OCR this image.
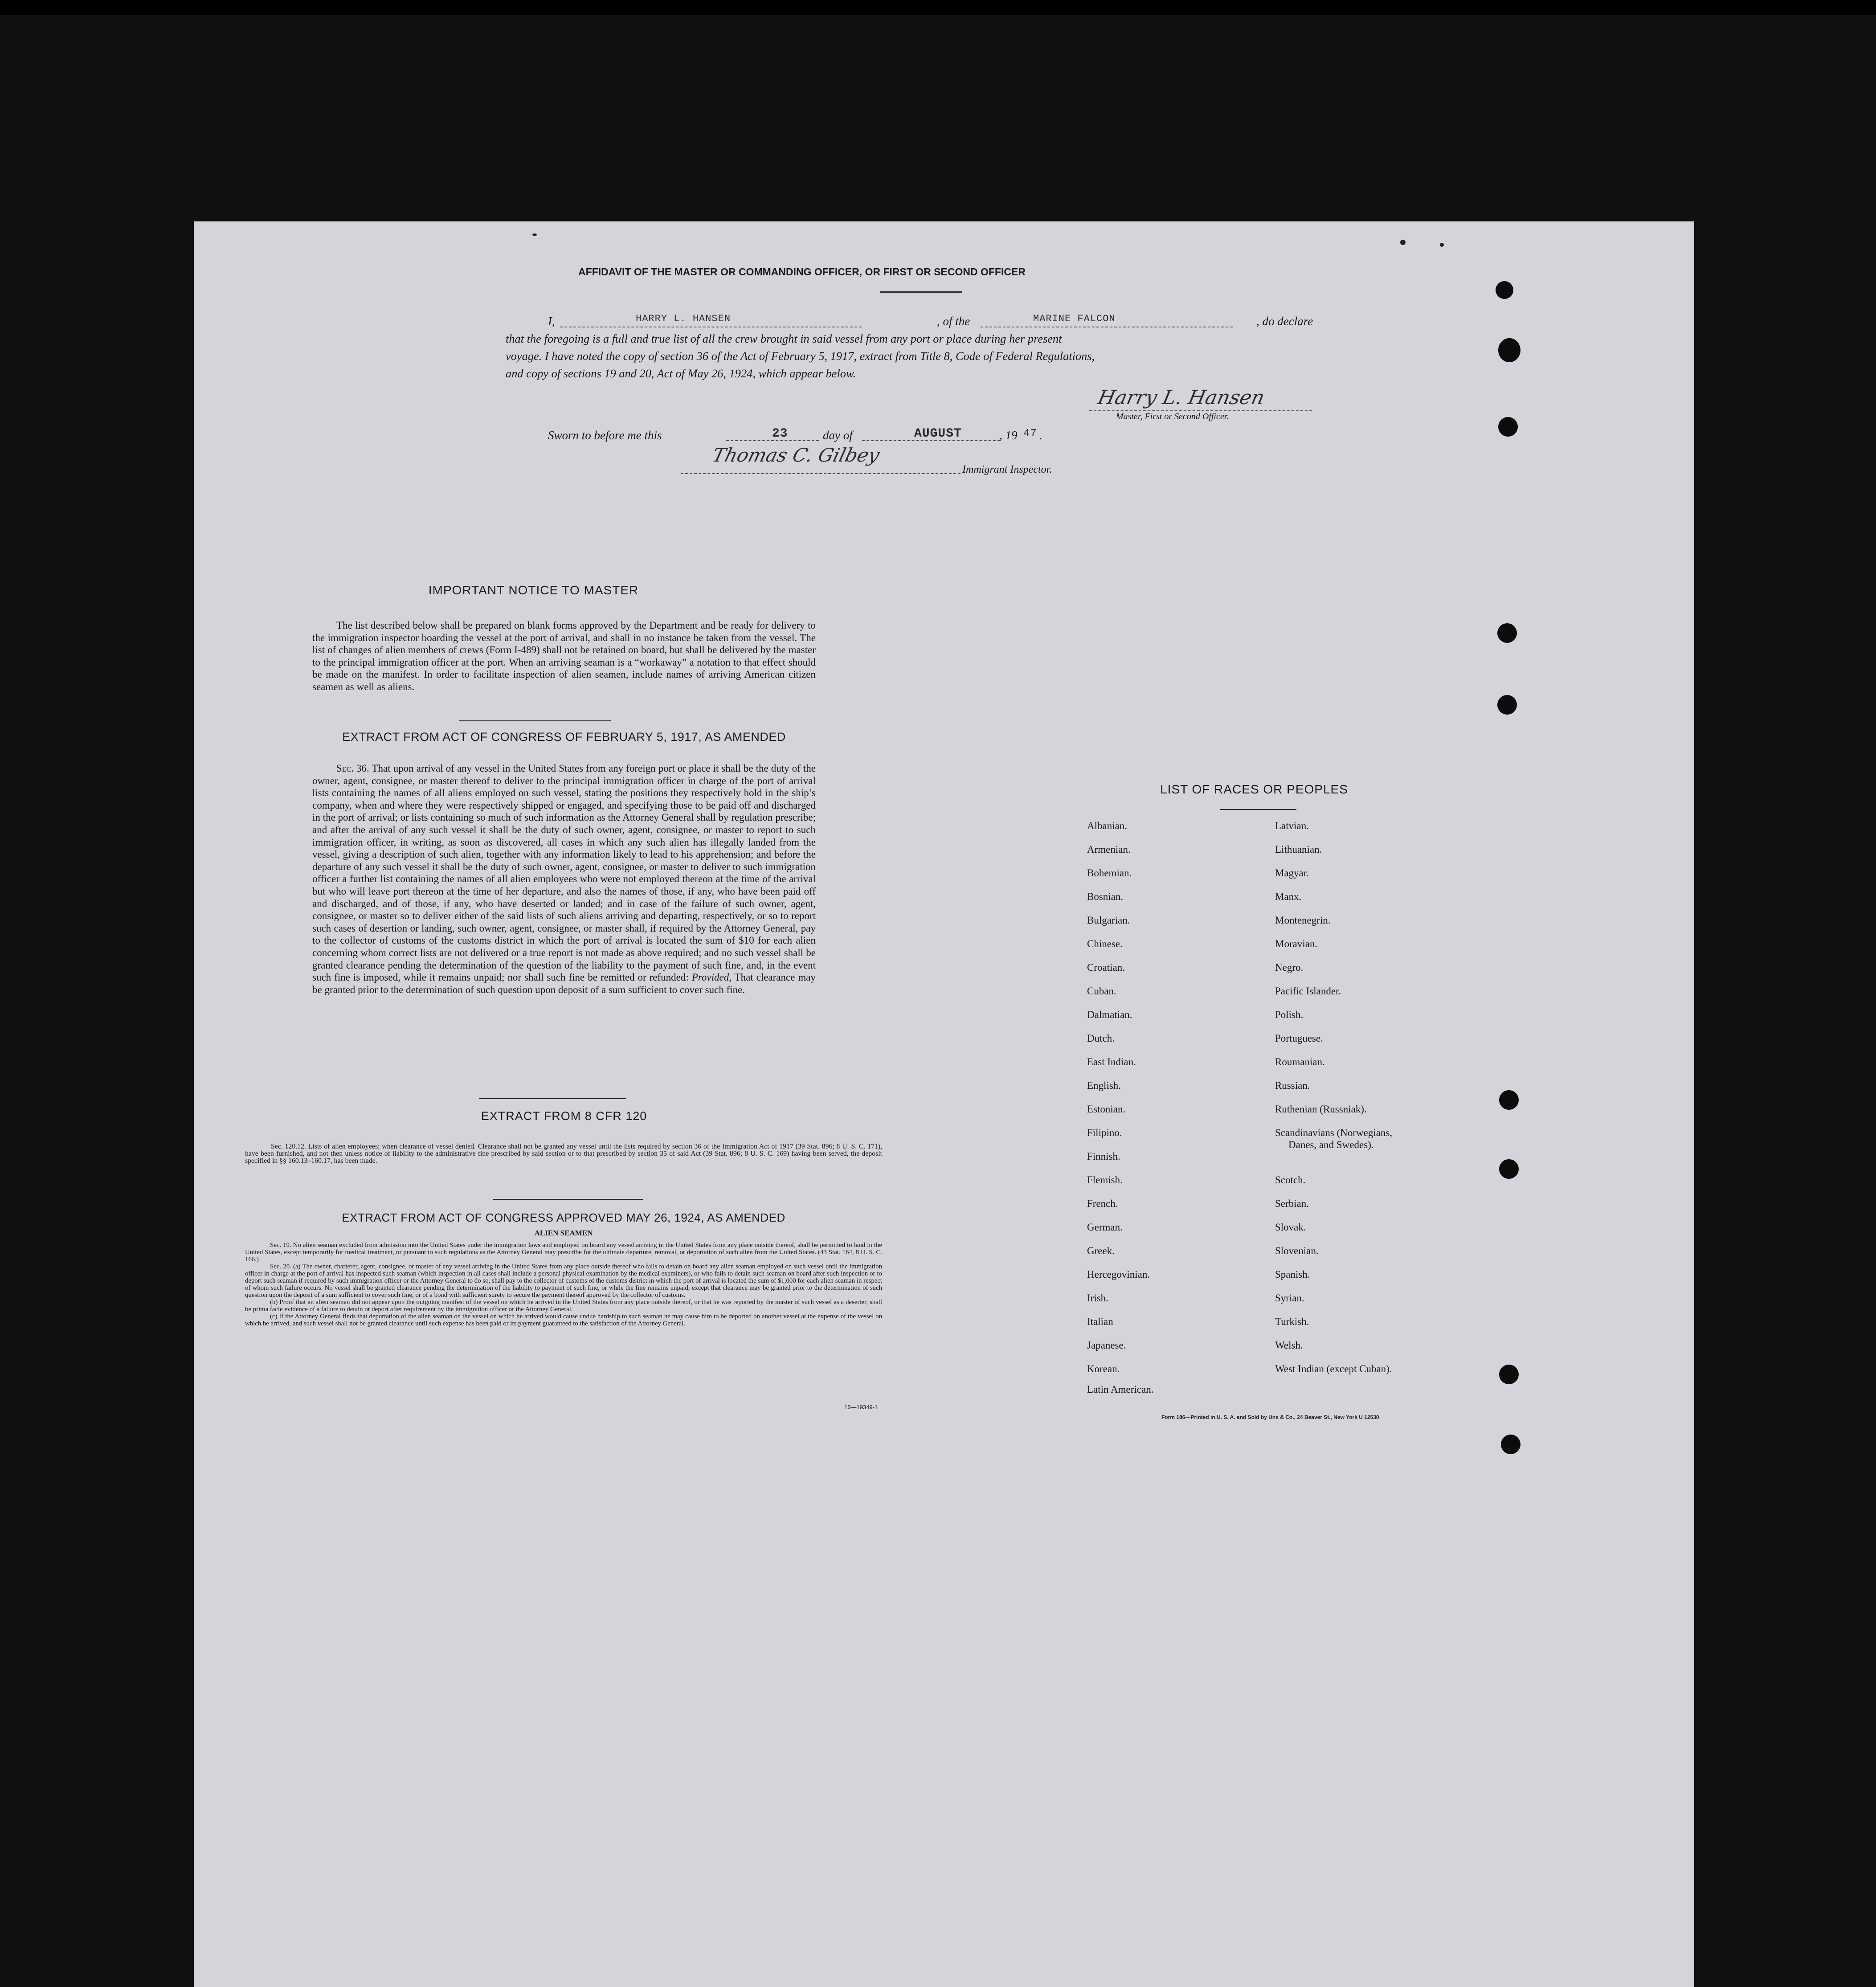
AFFIDAVIT OF THE MASTER OR COMMANDING OFFICER, OR FIRST OR SECOND OFFICER
I,	HARRY L. HANSEN	, of the	MARINE FALCON	, do declare
that the foregoing is a full and true list of all the crew brought in said vessel from any port or place during her present
voyage. I have noted the copy of section 36 of the Act of February 5, 1917, extract from Title 8, Code of Federal Regulations,
and copy of sections 19 and 20, Act of May 26, 1924, which appear below.
Harry L. Hansen
Master, First or Second Officer.
Sworn to before me this	23	day of	AUGUST	, 19 47 .
Thomas C. Gilbey
Immigrant Inspector.
IMPORTANT NOTICE TO MASTER
The list described below shall be prepared on blank forms approved by the Department and be ready for delivery to the immigration inspector boarding the vessel at the port of arrival, and shall in no instance be taken from the vessel. The list of changes of alien members of crews (Form I-489) shall not be retained on board, but shall be delivered by the master to the principal immigration officer at the port. When an arriving seaman is a “workaway” a notation to that effect should be made on the manifest. In order to facilitate inspection of alien seamen, include names of arriving American citizen seamen as well as aliens.
EXTRACT FROM ACT OF CONGRESS OF FEBRUARY 5, 1917, AS AMENDED
Sec. 36. That upon arrival of any vessel in the United States from any foreign port or place it shall be the duty of the owner, agent, consignee, or master thereof to deliver to the principal immigration officer in charge of the port of arrival lists containing the names of all aliens employed on such vessel, stating the positions they respectively hold in the ship’s company, when and where they were respectively shipped or engaged, and specifying those to be paid off and discharged in the port of arrival; or lists containing so much of such information as the Attorney General shall by regulation prescribe; and after the arrival of any such vessel it shall be the duty of such owner, agent, consignee, or master to report to such immigration officer, in writing, as soon as discovered, all cases in which any such alien has illegally landed from the vessel, giving a description of such alien, together with any information likely to lead to his apprehension; and before the departure of any such vessel it shall be the duty of such owner, agent, consignee, or master to deliver to such immigration officer a further list containing the names of all alien employees who were not employed thereon at the time of the arrival but who will leave port thereon at the time of her departure, and also the names of those, if any, who have been paid off and discharged, and of those, if any, who have deserted or landed; and in case of the failure of such owner, agent, consignee, or master so to deliver either of the said lists of such aliens arriving and departing, respectively, or so to report such cases of desertion or landing, such owner, agent, consignee, or master shall, if required by the Attorney General, pay to the collector of customs of the customs district in which the port of arrival is located the sum of $10 for each alien concerning whom correct lists are not delivered or a true report is not made as above required; and no such vessel shall be granted clearance pending the determination of the question of the liability to the payment of such fine, and, in the event such fine is imposed, while it remains unpaid; nor shall such fine be remitted or refunded: Provided, That clearance may be granted prior to the determination of such question upon deposit of a sum sufficient to cover such fine.
EXTRACT FROM 8 CFR 120
Sec. 120.12. Lists of alien employees; when clearance of vessel denied. Clearance shall not be granted any vessel until the lists required by section 36 of the Immigration Act of 1917 (39 Stat. 896; 8 U. S. C. 171), have been furnished, and not then unless notice of liability to the administrative fine prescribed by said section or to that prescribed by section 35 of said Act (39 Stat. 896; 8 U. S. C. 169) having been served, the deposit specified in §§ 160.13–160.17, has been made.
EXTRACT FROM ACT OF CONGRESS APPROVED MAY 26, 1924, AS AMENDED
ALIEN SEAMEN

Sec. 19. No alien seaman excluded from admission into the United States under the immigration laws and employed on board any vessel arriving in the United States from any place outside thereof, shall be permitted to land in the United States, except temporarily for medical treatment, or pursuant to such regulations as the Attorney General may prescribe for the ultimate departure, removal, or deportation of such alien from the United States. (43 Stat. 164, 8 U. S. C. 166.)

Sec. 20. (a) The owner, charterer, agent, consignee, or master of any vessel arriving in the United States from any place outside thereof who fails to detain on board any alien seaman employed on such vessel until the immigration officer in charge at the port of arrival has inspected such seaman (which inspection in all cases shall include a personal physical examination by the medical examiners), or who fails to detain such seaman on board after such inspection or to deport such seaman if required by such immigration officer or the Attorney General to do so, shall pay to the collector of customs of the customs district in which the port of arrival is located the sum of $1,000 for each alien seaman in respect of whom such failure occurs. No vessel shall be granted clearance pending the determination of the liability to payment of such fine, or while the fine remains unpaid, except that clearance may be granted prior to the determination of such question upon the deposit of a sum sufficient to cover such fine, or of a bond with sufficient surety to secure the payment thereof approved by the collector of customs.

(b) Proof that an alien seaman did not appear upon the outgoing manifest of the vessel on which he arrived in the United States from any place outside thereof, or that he was reported by the master of such vessel as a deserter, shall be prima facie evidence of a failure to detain or deport after requirement by the immigration officer or the Attorney General.

(c) If the Attorney General finds that deportation of the alien seaman on the vessel on which he arrived would cause undue hardship to such seaman he may cause him to be deported on another vessel at the expense of the vessel on which he arrived, and such vessel shall not be granted clearance until such expense has been paid or its payment guaranteed to the satisfaction of the Attorney General.

16—19349-1
LIST OF RACES OR PEOPLES
Albanian.
Armenian.
Bohemian.
Bosnian.
Bulgarian.
Chinese.
Croatian.
Cuban.
Dalmatian.
Dutch.
East Indian.
English.
Estonian.
Filipino.
Finnish.
Flemish.
French.
German.
Greek.
Hercegovinian.
Irish.
Italian
Japanese.
Korean.
Latin American.
Latvian.
Lithuanian.
Magyar.
Manx.
Montenegrin.
Moravian.
Negro.
Pacific Islander.
Polish.
Portuguese.
Roumanian.
Russian.
Ruthenian (Russniak).
Scandinavians (Norwegians,
Danes, and Swedes).
Scotch.
Serbian.
Slovak.
Slovenian.
Spanish.
Syrian.
Turkish.
Welsh.
West Indian (except Cuban).
Form 186—Printed in U. S. A. and Sold by Uns & Co., 24 Beaver St., New York U 12530
